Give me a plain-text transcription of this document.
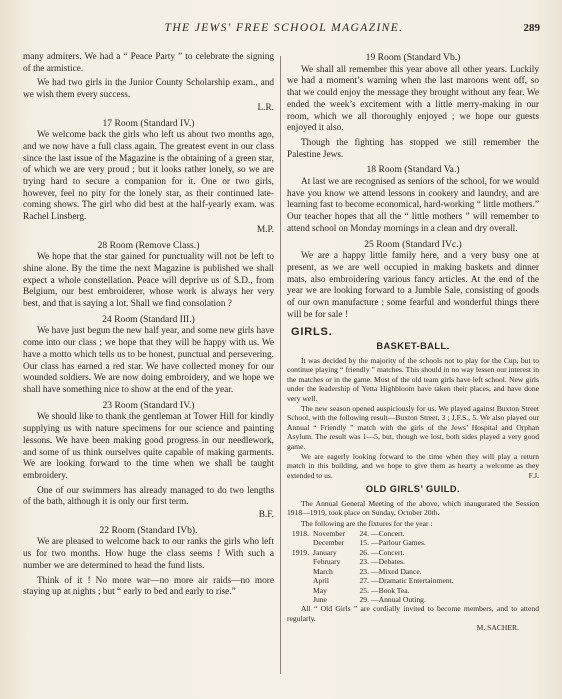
THE JEWS' FREE SCHOOL MAGAZINE.	289

many admirers. We had a “ Peace Party ” to celebrate the signing of the armistice.

We had two girls in the Junior County Scholarship exam., and we wish them every success.

L.R.
17 Room (Standard IV.)

We welcome back the girls who left us about two months ago, and we now have a full class again. The greatest event in our class since the last issue of the Magazine is the obtaining of a green star, of which we are very proud ; but it looks rather lonely, so we are trying hard to secure a companion for it. One or two girls, however, feel no pity for the lonely star, as their continued late-coming shows. The girl who did best at the half-yearly exam. was Rachel Linsberg.

M.P.
28 Room (Remove Class.)

We hope that the star gained for punctuality will not be left to shine alone. By the time the next Magazine is published we shall expect a whole constellation. Peace will deprive us of S.D., from Belgium, our best embroiderer, whose work is always her very best, and that is saying a lot. Shall we find consolation ?

24 Room (Standard III.)

We have just begun the new half year, and some new girls have come into our class ; we hope that they will be happy with us. We have a motto which tells us to be honest, punctual and persevering. Our class has earned a red star. We have collected money for our wounded soldiers. We are now doing embroidery, and we hope we shall have something nice to show at the end of the year.

23 Room (Standard IV.)

We should like to thank the gentleman at Tower Hill for kindly supplying us with nature specimens for our science and painting lessons. We have been making good progress in our needlework, and some of us think ourselves quite capable of making garments. We are looking forward to the time when we shall be taught embroidery.

One of our swimmers has already managed to do two lengths of the bath, although it is only our first term.

B.F.
22 Room (Standard IVb).

We are pleased to welcome back to our ranks the girls who left us for two months. How huge the class seems ! With such a number we are determined to head the fund lists.

Think of it ! No more war—no more air raids—no more staying up at nights ; but “ early to bed and early to rise.”

19 Room (Standard Vb.)

We shall all remember this year above all other years. Luckily we had a moment’s warning when the last maroons went off, so that we could enjoy the message they brought without any fear. We ended the week’s excitement with a little merry-making in our room, which we all thoroughly enjoyed ; we hope our guests enjoyed it also.

Though the fighting has stopped we still remember the Palestine Jews.

18 Room (Standard Va.)

At last we are recognised as seniors of the school, for we would have you know we attend lessons in cookery and laundry, and are learning fast to become economical, hard-working “ little mothers.” Our teacher hopes that all the “ little mothers ” will remember to attend school on Monday mornings in a clean and dry overall.

25 Room (Standard IVc.)

We are a happy little family here, and a very busy one at present, as we are well occupied in making baskets and dinner mats, also embroidering various fancy articles. At the end of the year we are looking forward to a Jumble Sale, consisting of goods of our own manufacture ; some fearful and wonderful things there will be for sale !

GIRLS.
BASKET-BALL.

It was decided by the majority of the schools not to play for the Cup, but to continue playing “ friendly ” matches. This should in no way lessen our interest in the matches or in the game. Most of the old team girls have left school. New girls under the leadership of Yetta Highbloom have taken their places, and have done very well.

The new season opened auspiciously for us. We played against Buxton Street School, with the following result—Buxton Street, 3 ; J.F.S., 5. We also played our Annual “ Friendly ” match with the girls of the Jews’ Hospital and Orphan Asylum. The result was 1—5, but, though we lost, both sides played a very good game.

We are eagerly looking forward to the time when they will play a return match in this building, and we hope to give them as hearty a welcome as they extended to us.	F.J.

OLD GIRLS’ GUILD.

The Annual General Meeting of the above, which inaugurated the Session 1918—1919, took place on Sunday, October 20th.

The following are the fixtures for the year :

1918. November	24. —Concert.
December	15. —Parlour Games.
1919. January	26. —Concert.
February	23. —Debates.
March	23. —Mixed Dance.
April	27. —Dramatic Entertainment.
May	25. —Book Tea.
June	29. —Annual Outing.

All “ Old Girls ” are cordially invited to become members, and to attend regularly.

M. SACHER.
